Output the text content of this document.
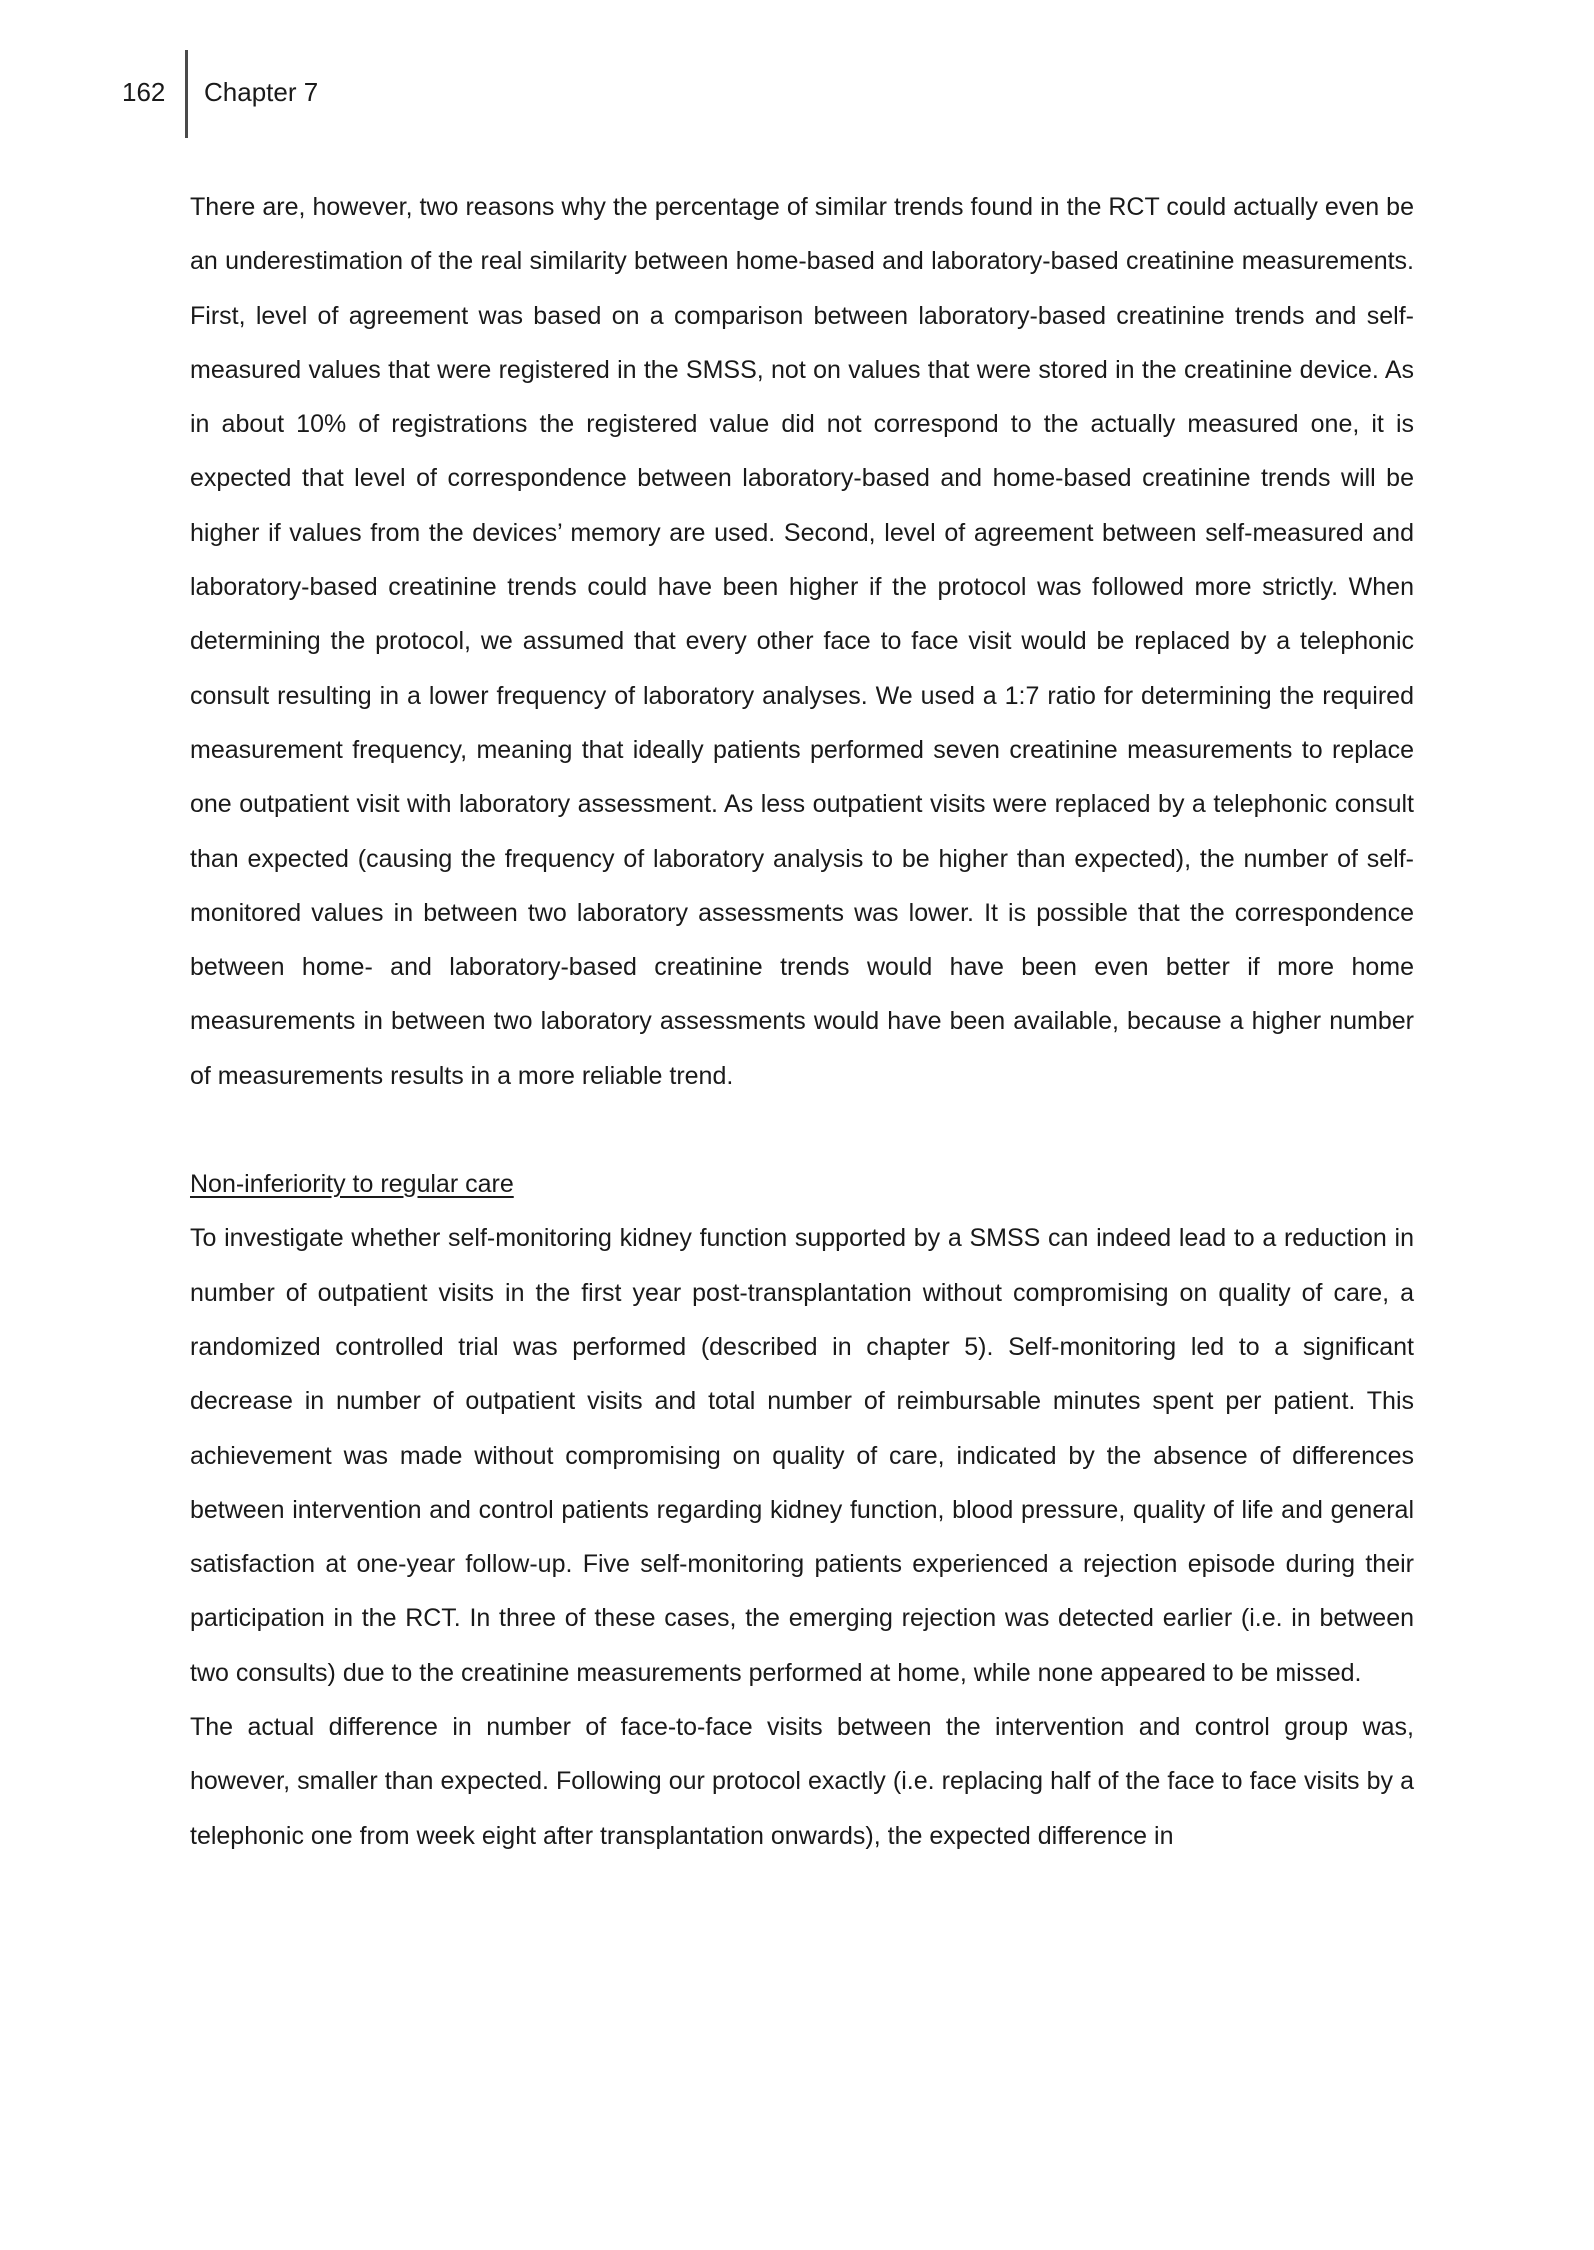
162 Chapter 7

There are, however, two reasons why the percentage of similar trends found in the RCT could actually even be an underestimation of the real similarity between home-based and laboratory-based creatinine measurements. First, level of agreement was based on a comparison between laboratory-based creatinine trends and self-measured values that were registered in the SMSS, not on values that were stored in the creatinine device. As in about 10% of registrations the registered value did not correspond to the actually measured one, it is expected that level of correspondence between laboratory-based and home-based creatinine trends will be higher if values from the devices’ memory are used. Second, level of agreement between self-measured and laboratory-based creatinine trends could have been higher if the protocol was followed more strictly. When determining the protocol, we assumed that every other face to face visit would be replaced by a telephonic consult resulting in a lower frequency of laboratory analyses. We used a 1:7 ratio for determining the required measurement frequency, meaning that ideally patients performed seven creatinine measurements to replace one outpatient visit with laboratory assessment. As less outpatient visits were replaced by a telephonic consult than expected (causing the frequency of laboratory analysis to be higher than expected), the number of self-monitored values in between two laboratory assessments was lower. It is possible that the correspondence between home- and laboratory-based creatinine trends would have been even better if more home measurements in between two laboratory assessments would have been available, because a higher number of measurements results in a more reliable trend.

Non-inferiority to regular care

To investigate whether self-monitoring kidney function supported by a SMSS can indeed lead to a reduction in number of outpatient visits in the first year post-transplantation without compromising on quality of care, a randomized controlled trial was performed (described in chapter 5). Self-monitoring led to a significant decrease in number of outpatient visits and total number of reimbursable minutes spent per patient. This achievement was made without compromising on quality of care, indicated by the absence of differences between intervention and control patients regarding kidney function, blood pressure, quality of life and general satisfaction at one-year follow-up. Five self-monitoring patients experienced a rejection episode during their participation in the RCT. In three of these cases, the emerging rejection was detected earlier (i.e. in between two consults) due to the creatinine measurements performed at home, while none appeared to be missed.

The actual difference in number of face-to-face visits between the intervention and control group was, however, smaller than expected. Following our protocol exactly (i.e. replacing half of the face to face visits by a telephonic one from week eight after transplantation onwards), the expected difference in
